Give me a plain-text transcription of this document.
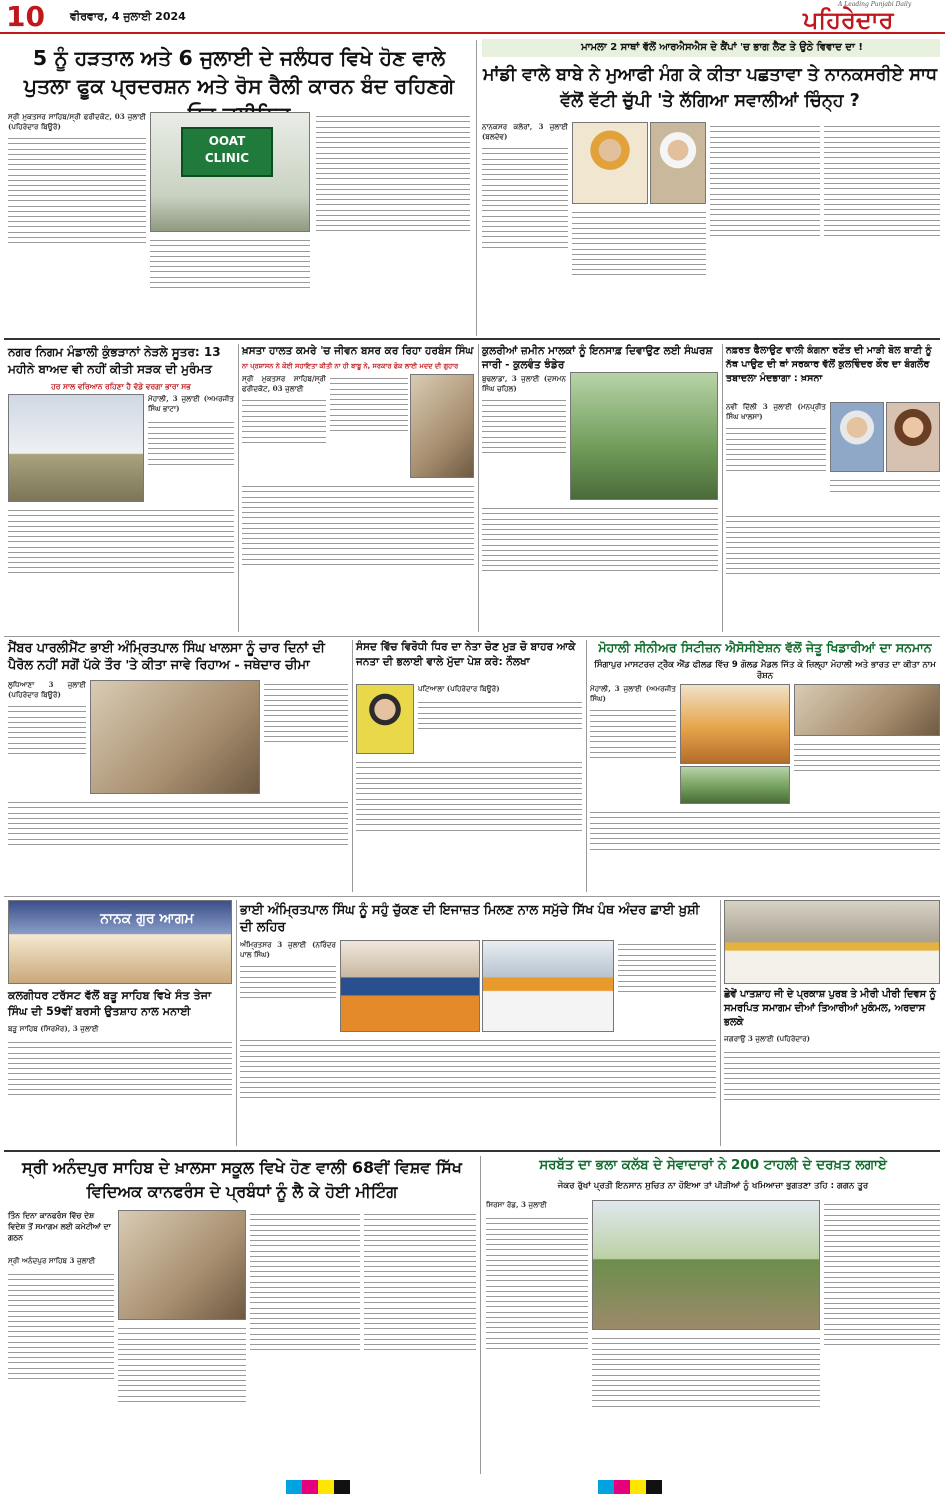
10 ਵੀਰਵਾਰ, 4 ਜੁਲਾਈ 2024
A Leading Punjabi Daily
ਪਹਿਰੇਦਾਰ
5 ਨੂੰ ਹੜਤਾਲ ਅਤੇ 6 ਜੁਲਾਈ ਦੇ ਜਲੰਧਰ ਵਿਖੇ ਹੋਣ ਵਾਲੇ ਪੁਤਲਾ ਫੂਕ ਪ੍ਰਦਰਸ਼ਨ ਅਤੇ ਰੋਸ ਰੈਲੀ ਕਾਰਨ ਬੰਦ ਰਹਿਣਗੇ
ਸ੍ਰੀ ਮੁਕਤਸਰ ਸਾਹਿਬ/ਸ੍ਰੀ ਫਰੀਦਕੋਟ, 03 ਜੁਲਾਈ (ਪਹਿਰੇਦਾਰ ਬਿਊਰੋ)
OOAT CLINIC
ਮਾਮਲਾ 2 ਸਾਥਾਂ ਵੱਲੋਂ ਆਰਐਸਐਸ ਦੇ ਕੈਂਪਾਂ 'ਚ ਭਾਗ ਲੈਣ ਤੇ ਉਠੇ ਵਿਵਾਦ ਦਾ !
ਮਾਂਡੀ ਵਾਲੇ ਬਾਬੇ ਨੇ ਮੁਆਫੀ ਮੰਗ ਕੇ ਕੀਤਾ ਪਛਤਾਵਾ ਤੇ ਨਾਨਕਸਰੀਏ ਸਾਧ ਵੱਲੋਂ ਵੱਟੀ ਚੁੱਪੀ 'ਤੇ ਲੱਗਿਆ ਸਵਾਲੀਆਂ ਚਿੰਨ੍ਹ ?
ਨਾਨਕਸਰ ਕਲੇਰਾਂ, 3 ਜੁਲਾਈ (ਬਲਦੇਵ)
ਨਗਰ ਨਿਗਮ ਮੰਡਾਲੀ ਕੁੰਭੜਾਨਾਂ ਨੇੜਲੇ ਸੂਤਰ: 13 ਮਹੀਨੇ ਬਾਅਦ ਵੀ ਨਹੀਂ ਕੀਤੀ ਸੜਕ ਦੀ ਮੁਰੰਮਤ
ਹਰ ਸਾਲ ਵਰਿਆਨ ਰਹਿਣਾ ਹੈ ਵੱਡੇ ਵਰਗਾ ਭਾਰਾ ਸਭ
ਮੋਹਾਲੀ, 3 ਜੁਲਾਈ (ਅਮਰਜੀਤ ਸਿੰਘ ਭਾਟਾ)
ਖ਼ਸਤਾ ਹਾਲਤ ਕਮਰੇ 'ਚ ਜੀਵਨ ਬਸਰ ਕਰ ਰਿਹਾ ਹਰਬੰਸ ਸਿੰਘ
ਨਾ ਪ੍ਰਸ਼ਾਸਨ ਨੇ ਕੋਈ ਸਹਾਇਤਾ ਕੀਤੀ ਨਾ ਹੀ ਬਾਬੂ ਨੇ, ਸਰਕਾਰ ਫੋਕ ਲਾਈ ਮਦਦ ਦੀ ਗੁਹਾਰ
ਸ੍ਰੀ ਮੁਕਤਸਰ ਸਾਹਿਬ/ਸ੍ਰੀ ਫਰੀਦਕੋਟ, 03 ਜੁਲਾਈ
ਕੁਲਰੀਆਂ ਜ਼ਮੀਨ ਮਾਲਕਾਂ ਨੂੰ ਇਨਸਾਫ਼ ਦਿਵਾਉਣ ਲਈ ਸੰਘਰਸ਼ ਜਾਰੀ - ਕੁਲਵੰਤ ਝੰਡੇਰ
ਬੁਢਲਾਡਾ, 3 ਜੁਲਾਈ (ਦਸਮਨ ਸਿੰਘ ਚਹਿਲ)
ਨਫ਼ਰਤ ਫੈਲਾਉਣ ਵਾਲੀ ਕੰਗਨਾ ਰਣੌਤ ਦੀ ਮਾੜੀ ਬੋਲ ਬਾਣੀ ਨੂੰ ਨੱਥ ਪਾਉਣ ਦੀ ਥਾਂ ਸਰਕਾਰ ਵੱਲੋਂ ਕੁਲਵਿੰਦਰ ਕੌਰ ਦਾ ਬੰਗਲੌਰ ਤਬਾਦਲਾ ਮੰਦਭਾਗਾ : ਖ਼ਸਨਾ
ਨਵੀਂ ਦਿੱਲੀ 3 ਜੁਲਾਈ (ਮਨਪ੍ਰੀਤ ਸਿੰਘ ਖਾਲਸਾ)
ਮੈਂਬਰ ਪਾਰਲੀਮੈਂਟ ਭਾਈ ਅੰਮ੍ਰਿਤਪਾਲ ਸਿੰਘ ਖਾਲਸਾ ਨੂੰ ਚਾਰ ਦਿਨਾਂ ਦੀ ਪੈਰੋਲ ਨਹੀਂ ਸਗੋਂ ਪੱਕੇ ਤੌਰ 'ਤੇ ਕੀਤਾ ਜਾਵੇ ਰਿਹਾਅ - ਜਥੇਦਾਰ ਚੀਮਾ
ਲੁਧਿਆਣਾ 3 ਜੁਲਾਈ (ਪਹਿਰੇਦਾਰ ਬਿਊਰੋ)
ਸੰਸਦ ਵਿੱਚ ਵਿਰੋਧੀ ਧਿਰ ਦਾ ਨੇਤਾ ਚੋਣ ਮੁੜ ਚੋ ਬਾਹਰ ਆਕੇ ਜਨਤਾ ਦੀ ਭਲਾਈ ਵਾਲੇ ਮੁੱਦਾ ਪੇਸ਼ ਕਰੇ: ਨੌਲਖਾ
ਪਟਿਆਲਾ (ਪਹਿਰੇਦਾਰ ਬਿਊਰੋ)
ਮੋਹਾਲੀ ਸੀਨੀਅਰ ਸਿਟੀਜ਼ਨ ਐਸੋਸੀਏਸ਼ਨ ਵੱਲੋਂ ਜੇਤੂ ਖਿਡਾਰੀਆਂ ਦਾ ਸਨਮਾਨ
ਸਿੰਗਾਪੁਰ ਮਾਸਟਰਜ਼ ਟ੍ਰੈਕ ਐਂਡ ਫੀਲਡ ਵਿੱਚ 9 ਗੋਲਡ ਮੈਡਲ ਜਿੱਤ ਕੇ ਜ਼ਿਲ੍ਹਾ ਮੋਹਾਲੀ ਅਤੇ ਭਾਰਤ ਦਾ ਕੀਤਾ ਨਾਮ ਰੌਸ਼ਨ
ਮੋਹਾਲੀ, 3 ਜੁਲਾਈ (ਅਮਰਜੀਤ ਸਿੰਘ)
ਨਾਨਕ ਗੁਰ ਆਗਮ
ਕਲਗੀਧਰ ਟਰੱਸਟ ਵੱਲੋਂ ਬੜੂ ਸਾਹਿਬ ਵਿਖੇ ਸੰਤ ਤੇਜਾ ਸਿੰਘ ਦੀ 59ਵੀਂ ਬਰਸੀ ਉਤਸ਼ਾਹ ਨਾਲ ਮਨਾਈ
ਬੜੂ ਸਾਹਿਬ (ਸਿਰਮੌਰ), 3 ਜੁਲਾਈ
ਭਾਈ ਅੰਮ੍ਰਿਤਪਾਲ ਸਿੰਘ ਨੂੰ ਸਹੁੰ ਚੁੱਕਣ ਦੀ ਇਜਾਜ਼ਤ ਮਿਲਣ ਨਾਲ ਸਮੁੱਚੇ ਸਿੱਖ ਪੰਥ ਅੰਦਰ ਛਾਈ ਖ਼ੁਸ਼ੀ ਦੀ ਲਹਿਰ
ਅੰਮ੍ਰਿਤਸਰ 3 ਜੁਲਾਈ (ਨਰਿੰਦਰ ਪਾਲ ਸਿੰਘ)
ਛੇਵੇਂ ਪਾਤਸ਼ਾਹ ਜੀ ਦੇ ਪ੍ਰਕਾਸ਼ ਪੁਰਬ ਤੇ ਮੀਰੀ ਪੀਰੀ ਦਿਵਸ ਨੂੰ ਸਮਰਪਿਤ ਸਮਾਗਮ ਦੀਆਂ ਤਿਆਰੀਆਂ ਮੁਕੰਮਲ, ਅਰਦਾਸ ਭਲਕੇ
ਜਗਰਾਉਂ 3 ਜੁਲਾਈ (ਪਹਿਰੇਦਾਰ)
ਸ੍ਰੀ ਅਨੰਦਪੁਰ ਸਾਹਿਬ ਦੇ ਖ਼ਾਲਸਾ ਸਕੂਲ ਵਿਖੇ ਹੋਣ ਵਾਲੀ 68ਵੀਂ ਵਿਸ਼ਵ ਸਿੱਖ ਵਿਦਿਅਕ ਕਾਨਫਰੰਸ ਦੇ ਪ੍ਰਬੰਧਾਂ ਨੂੰ ਲੈ ਕੇ ਹੋਈ ਮੀਟਿੰਗ
ਤਿੰਨ ਦਿਨਾ ਕਾਨਫਰੰਸ ਵਿੱਚ ਦੇਸ਼ ਵਿਦੇਸ਼ ਤੋਂ ਸਮਾਗਮ ਲਈ ਕਮੇਟੀਆਂ ਦਾ ਗਠਨ
ਸ੍ਰੀ ਅਨੰਦਪੁਰ ਸਾਹਿਬ 3 ਜੁਲਾਈ
ਸਰਬੱਤ ਦਾ ਭਲਾ ਕਲੱਬ ਦੇ ਸੇਵਾਦਾਰਾਂ ਨੇ 200 ਟਾਹਲੀ ਦੇ ਦਰਖ਼ਤ ਲਗਾਏ
ਜੇਕਰ ਰੁੱਖਾਂ ਪ੍ਰਤੀ ਇਨਸਾਨ ਸੁਚਿਤ ਨਾ ਹੋਇਆ ਤਾਂ ਪੀੜੀਆਂ ਨੂੰ ਖਮਿਆਜ਼ਾ ਭੁਗਤਣਾ ਤਹਿ : ਗਗਨ ਤੂਰ
ਸਿਰਸਾ ਰੋਡ, 3 ਜੁਲਾਈ
